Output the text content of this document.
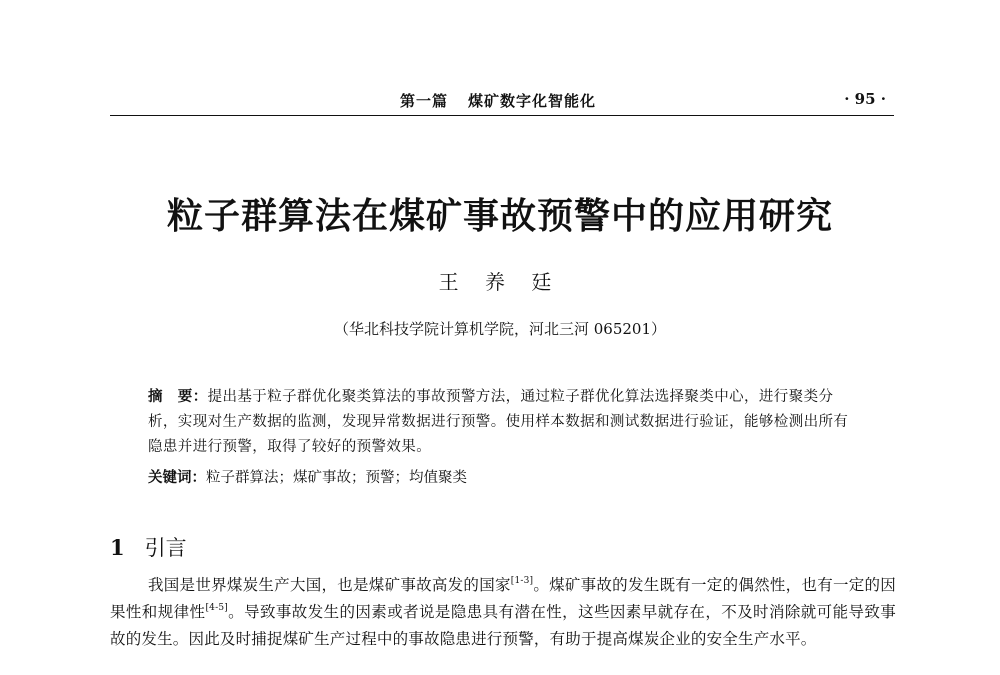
第一篇 煤矿数字化智能化	· 95 ·
粒子群算法在煤矿事故预警中的应用研究
王 养 廷
（华北科技学院计算机学院，河北三河 065201）
摘　要：提出基于粒子群优化聚类算法的事故预警方法，通过粒子群优化算法选择聚类中心，进行聚类分析，实现对生产数据的监测，发现异常数据进行预警。使用样本数据和测试数据进行验证，能够检测出所有隐患并进行预警，取得了较好的预警效果。
关键词：粒子群算法；煤矿事故；预警；均值聚类
1 引言

我国是世界煤炭生产大国，也是煤矿事故高发的国家[1-3]。煤矿事故的发生既有一定的偶然性，也有一定的因果性和规律性[4-5]。导致事故发生的因素或者说是隐患具有潜在性，这些因素早就存在，不及时消除就可能导致事故的发生。因此及时捕捉煤矿生产过程中的事故隐患进行预警，有助于提高煤炭企业的安全生产水平。
